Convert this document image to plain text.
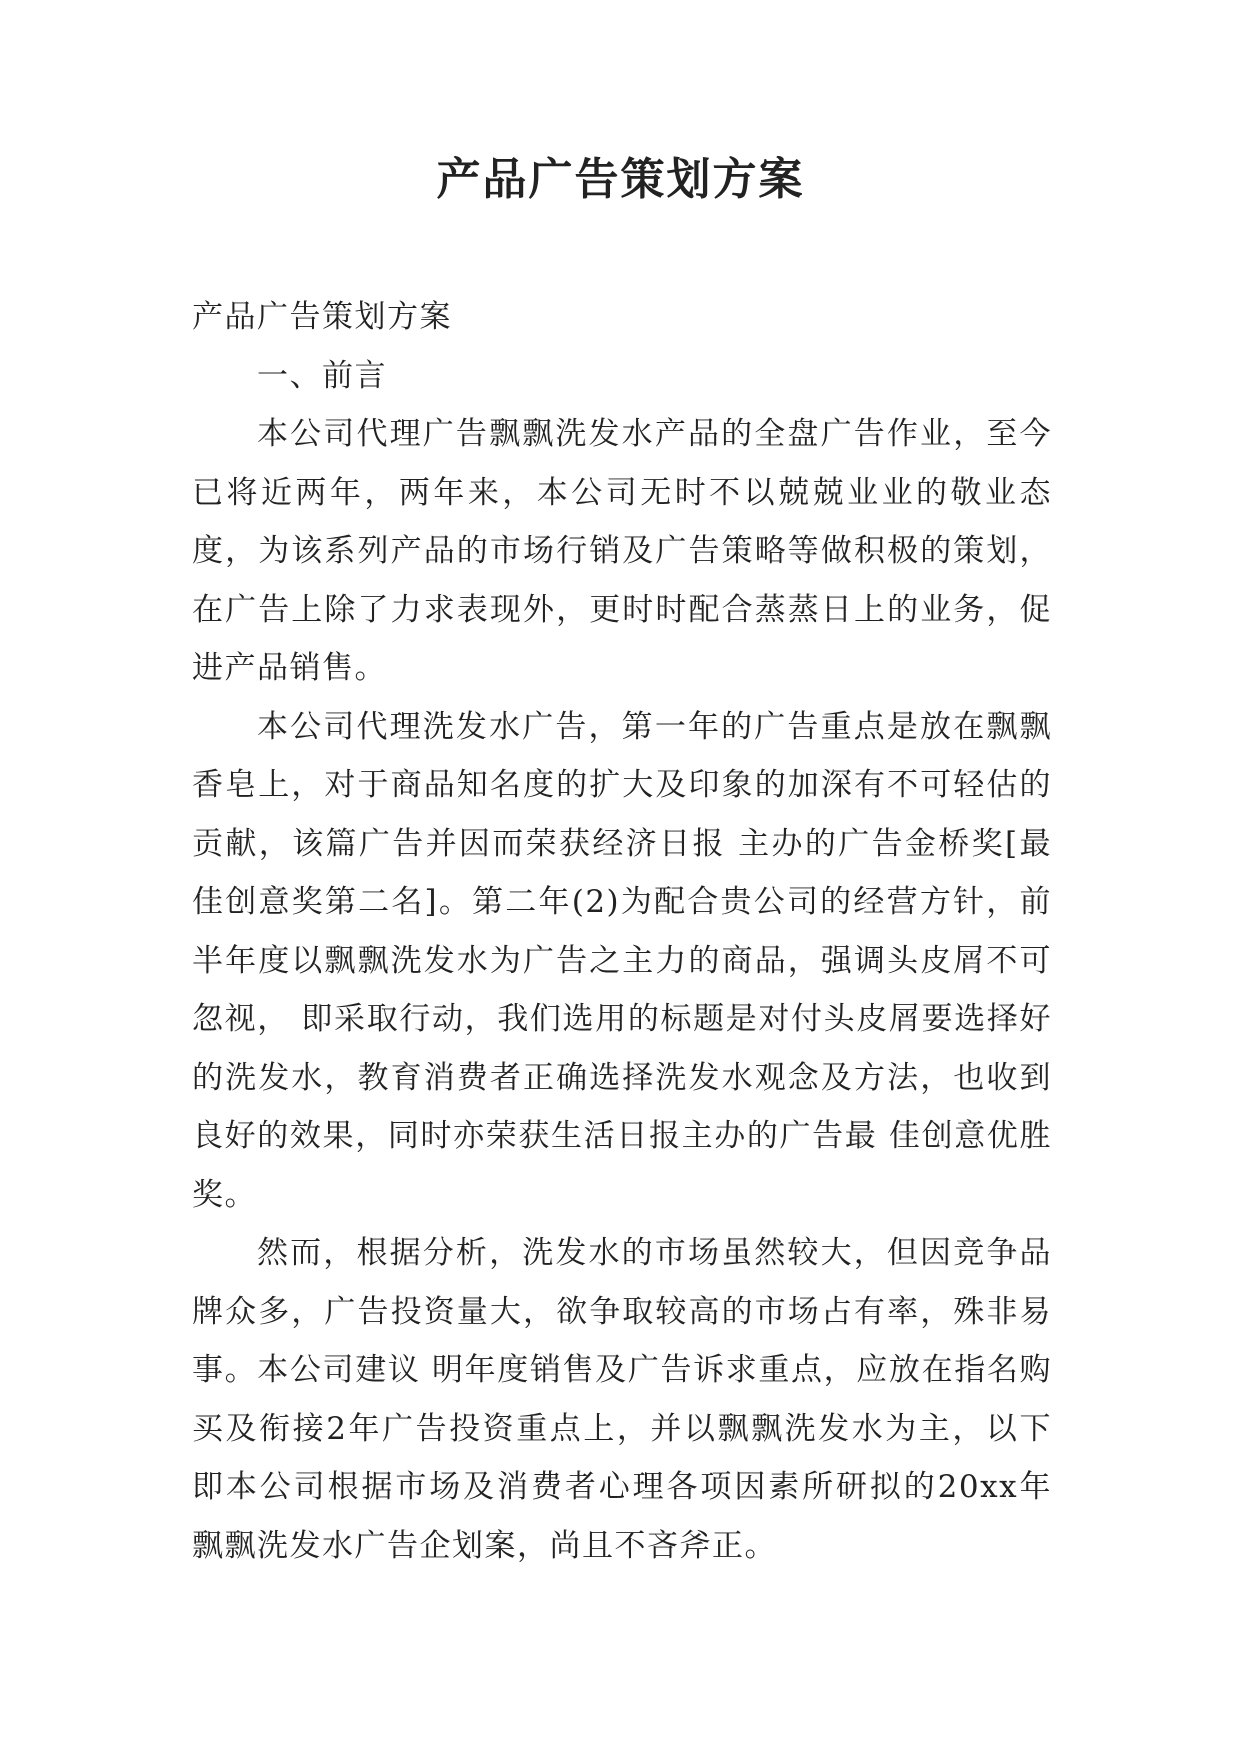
产品广告策划方案

产品广告策划方案

一、前言

本公司代理广告飘飘洗发水产品的全盘广告作业，至今已将近两年，两年来，本公司无时不以兢兢业业的敬业态度，为该系列产品的市场行销及广告策略等做积极的策划，在广告上除了力求表现外，更时时配合蒸蒸日上的业务，促进产品销售。

本公司代理洗发水广告，第一年的广告重点是放在飘飘香皂上，对于商品知名度的扩大及印象的加深有不可轻估的贡献，该篇广告并因而荣获经济日报 主办的广告金桥奖[最佳创意奖第二名]。第二年(2)为配合贵公司的经营方针，前半年度以飘飘洗发水为广告之主力的商品，强调头皮屑不可忽视， 即采取行动，我们选用的标题是对付头皮屑要选择好的洗发水，教育消费者正确选择洗发水观念及方法，也收到良好的效果，同时亦荣获生活日报主办的广告最 佳创意优胜奖。

然而，根据分析，洗发水的市场虽然较大，但因竞争品牌众多，广告投资量大，欲争取较高的市场占有率，殊非易事。本公司建议 明年度销售及广告诉求重点，应放在指名购买及衔接2年广告投资重点上，并以飘飘洗发水为主，以下即本公司根据市场及消费者心理各项因素所研拟的20xx年飘飘洗发水广告企划案，尚且不吝斧正。
